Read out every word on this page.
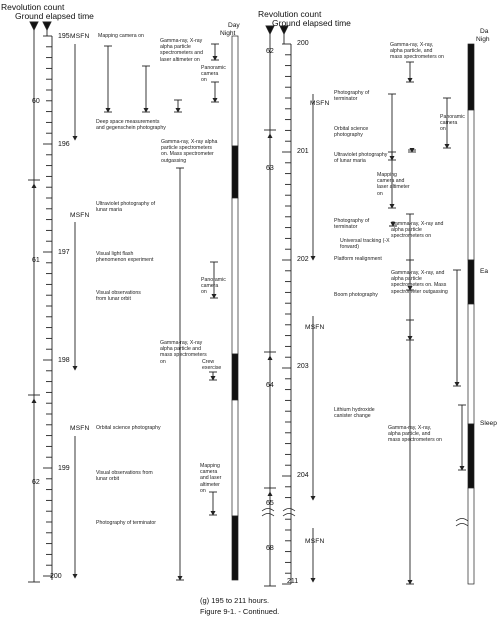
Revolution count
Ground elapsed time
Day
Night
Revolution count
Ground elapsed time
Da
Nigh
195
196
197
198
199
200
60
61
62
MSFN
MSFN
MSFN
Mapping camera on
Deep space measurements and gegenschein photography
Ultraviolet photography of lunar maria
Visual light flash phenomenon experiment
Visual observations from lunar orbit
Orbital science photography
Visual observations from lunar orbit
Photography of terminator
Gamma-ray, X-ray alpha particle spectrometers and laser altimeter on
Panoramic camera on
Gamma-ray, X-ray alpha particle spectrometers on. Mass spectrometer outgassing
Panoramic camera on
Gamma-ray, X-ray alpha particle and mass spectrometers on	Crew exercise
Mapping camera and laser altimeter on
200
201
202
203
204
211
62
63
64
65
68
MSFN
MSFN
MSFN
Photography of terminator
Orbital science photography
Ultraviolet photography of lunar maria
Photography of terminator
Universal tracking (-X forward)
Platform realignment
Boom photography
Lithium hydroxide canister change
Gamma-ray, X-ray, alpha particle, and mass spectrometers on
Panoramic camera on
Mapping camera and laser altimeter on
Gamma-ray, X-ray and alpha particle spectrometers on
Gamma-ray, X-ray, and alpha particle spectrometers on. Mass spectrometer outgassing
Gamma-ray, X-ray, alpha particle, and mass spectrometers on
Ea
Sleep
(g) 195 to 211 hours.
Figure 9-1. - Continued.
